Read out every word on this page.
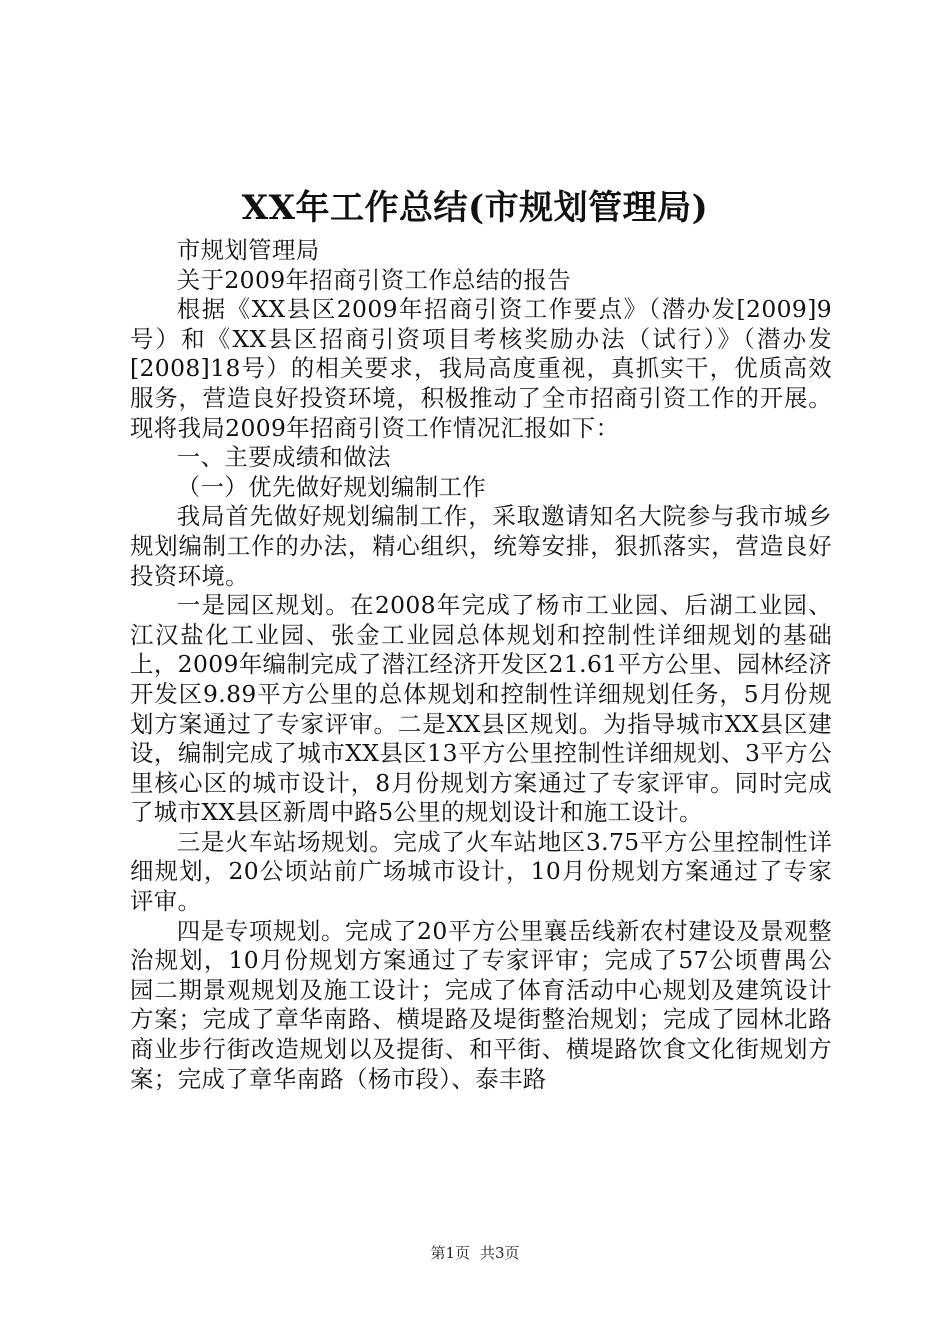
XX年工作总结(市规划管理局)

市规划管理局

关于2009年招商引资工作总结的报告

根据《XX县区2009年招商引资工作要点》（潜办发[2009]9号）和《XX县区招商引资项目考核奖励办法（试行）》（潜办发[2008]18号）的相关要求，我局高度重视，真抓实干，优质高效服务，营造良好投资环境，积极推动了全市招商引资工作的开展。现将我局2009年招商引资工作情况汇报如下：

一、主要成绩和做法

（一）优先做好规划编制工作

我局首先做好规划编制工作，采取邀请知名大院参与我市城乡规划编制工作的办法，精心组织，统筹安排，狠抓落实，营造良好投资环境。

一是园区规划。在2008年完成了杨市工业园、后湖工业园、江汉盐化工业园、张金工业园总体规划和控制性详细规划的基础上，2009年编制完成了潜江经济开发区21.61平方公里、园林经济开发区9.89平方公里的总体规划和控制性详细规划任务，5月份规划方案通过了专家评审。二是XX县区规划。为指导城市XX县区建设，编制完成了城市XX县区13平方公里控制性详细规划、3平方公里核心区的城市设计，8月份规划方案通过了专家评审。同时完成了城市XX县区新周中路5公里的规划设计和施工设计。

三是火车站场规划。完成了火车站地区3.75平方公里控制性详细规划，20公顷站前广场城市设计，10月份规划方案通过了专家评审。

四是专项规划。完成了20平方公里襄岳线新农村建设及景观整治规划，10月份规划方案通过了专家评审；完成了57公顷曹禺公园二期景观规划及施工设计；完成了体育活动中心规划及建筑设计方案；完成了章华南路、横堤路及堤街整治规划；完成了园林北路商业步行街改造规划以及提街、和平街、横堤路饮食文化街规划方案；完成了章华南路（杨市段）、泰丰路

第1页 共3页
